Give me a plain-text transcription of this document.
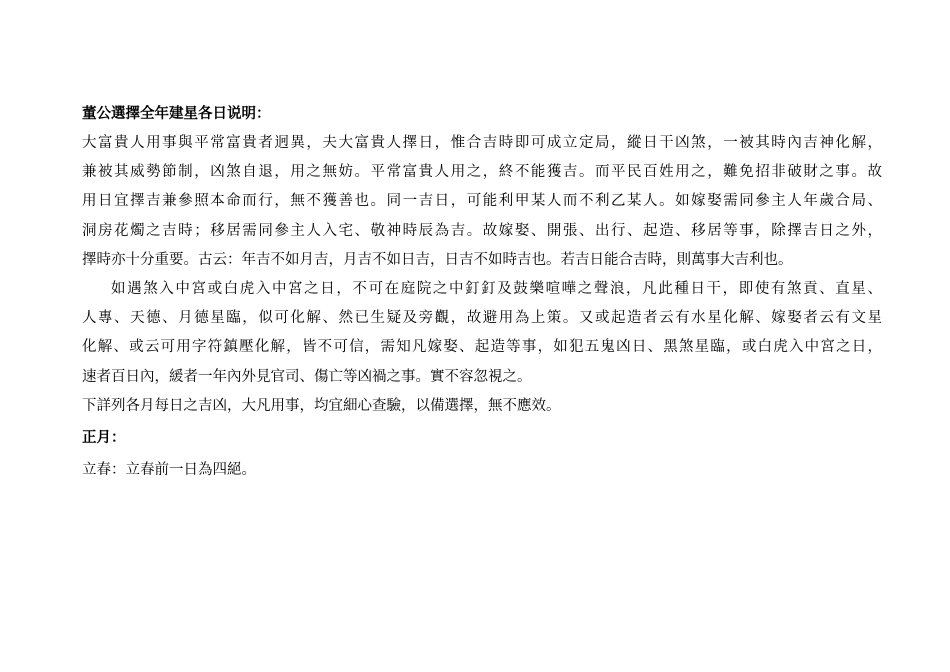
董公選擇全年建星各日说明：

大富貴人用事與平常富貴者迥異，夫大富貴人擇日，惟合吉時即可成立定局，縱日干凶煞，一被其時內吉神化解，
兼被其威勢節制，凶煞自退，用之無妨。平常富貴人用之，終不能獲吉。而平民百姓用之，難免招非破財之事。故
用日宜擇吉兼參照本命而行，無不獲善也。同一吉日，可能利甲某人而不利乙某人。如嫁娶需同參主人年歲合局、
洞房花燭之吉時；移居需同參主人入宅、敬神時辰為吉。故嫁娶、開張、出行、起造、移居等事，除擇吉日之外，
擇時亦十分重要。古云：年吉不如月吉，月吉不如日吉，日吉不如時吉也。若吉日能合吉時，則萬事大吉利也。
如遇煞入中宮或白虎入中宮之日，不可在庭院之中釘釘及鼓樂喧嘩之聲浪，凡此種日干，即使有煞貢、直星、
人專、天德、月德星臨，似可化解、然已生疑及旁觀，故避用為上策。又或起造者云有水星化解、嫁娶者云有文星
化解、或云可用字符鎮壓化解，皆不可信，需知凡嫁娶、起造等事，如犯五鬼凶日、黑煞星臨，或白虎入中宮之日，
速者百日內，緩者一年內外見官司、傷亡等凶禍之事。實不容忽視之。

下詳列各月每日之吉凶，大凡用事，均宜細心查驗，以備選擇，無不應效。

正月：

立春：立春前一日為四絕。
